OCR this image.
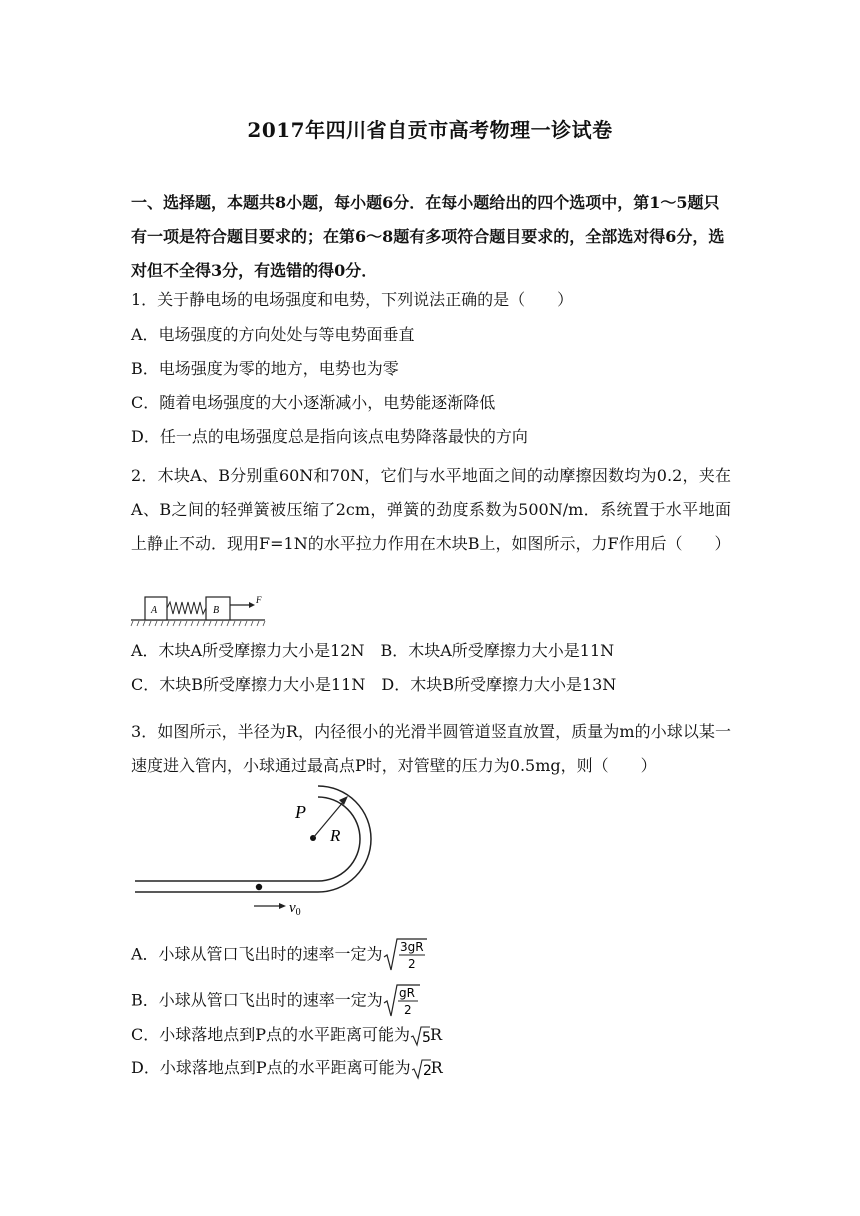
2017年四川省自贡市高考物理一诊试卷
一、选择题，本题共8小题，每小题6分．在每小题给出的四个选项中，第1～5题只有一项是符合题目要求的；在第6～8题有多项符合题目要求的，全部选对得6分，选对但不全得3分，有选错的得0分．
1．关于静电场的电场强度和电势，下列说法正确的是（　　）
A．电场强度的方向处处与等电势面垂直
B．电场强度为零的地方，电势也为零
C．随着电场强度的大小逐渐减小，电势能逐渐降低
D．任一点的电场强度总是指向该点电势降落最快的方向
2．木块A、B分别重60N和70N，它们与水平地面之间的动摩擦因数均为0.2，夹在A、B之间的轻弹簧被压缩了2cm，弹簧的劲度系数为500N/m．系统置于水平地面上静止不动．现用F=1N的水平拉力作用在木块B上，如图所示，力F作用后（　　）
A	B
F
A．木块A所受摩擦力大小是12N　B．木块A所受摩擦力大小是11N
C．木块B所受摩擦力大小是11N　D．木块B所受摩擦力大小是13N
3．如图所示，半径为R，内径很小的光滑半圆管道竖直放置，质量为m的小球以某一速度进入管内，小球通过最高点P时，对管壁的压力为0.5mg，则（　　）
P
R
$v_0$
A．小球从管口飞出时的速率一定为 3gR
2
B．小球从管口飞出时的速率一定为 gR
2
C．小球落地点到P点的水平距离可能为 5 R
D．小球落地点到P点的水平距离可能为 2 R
